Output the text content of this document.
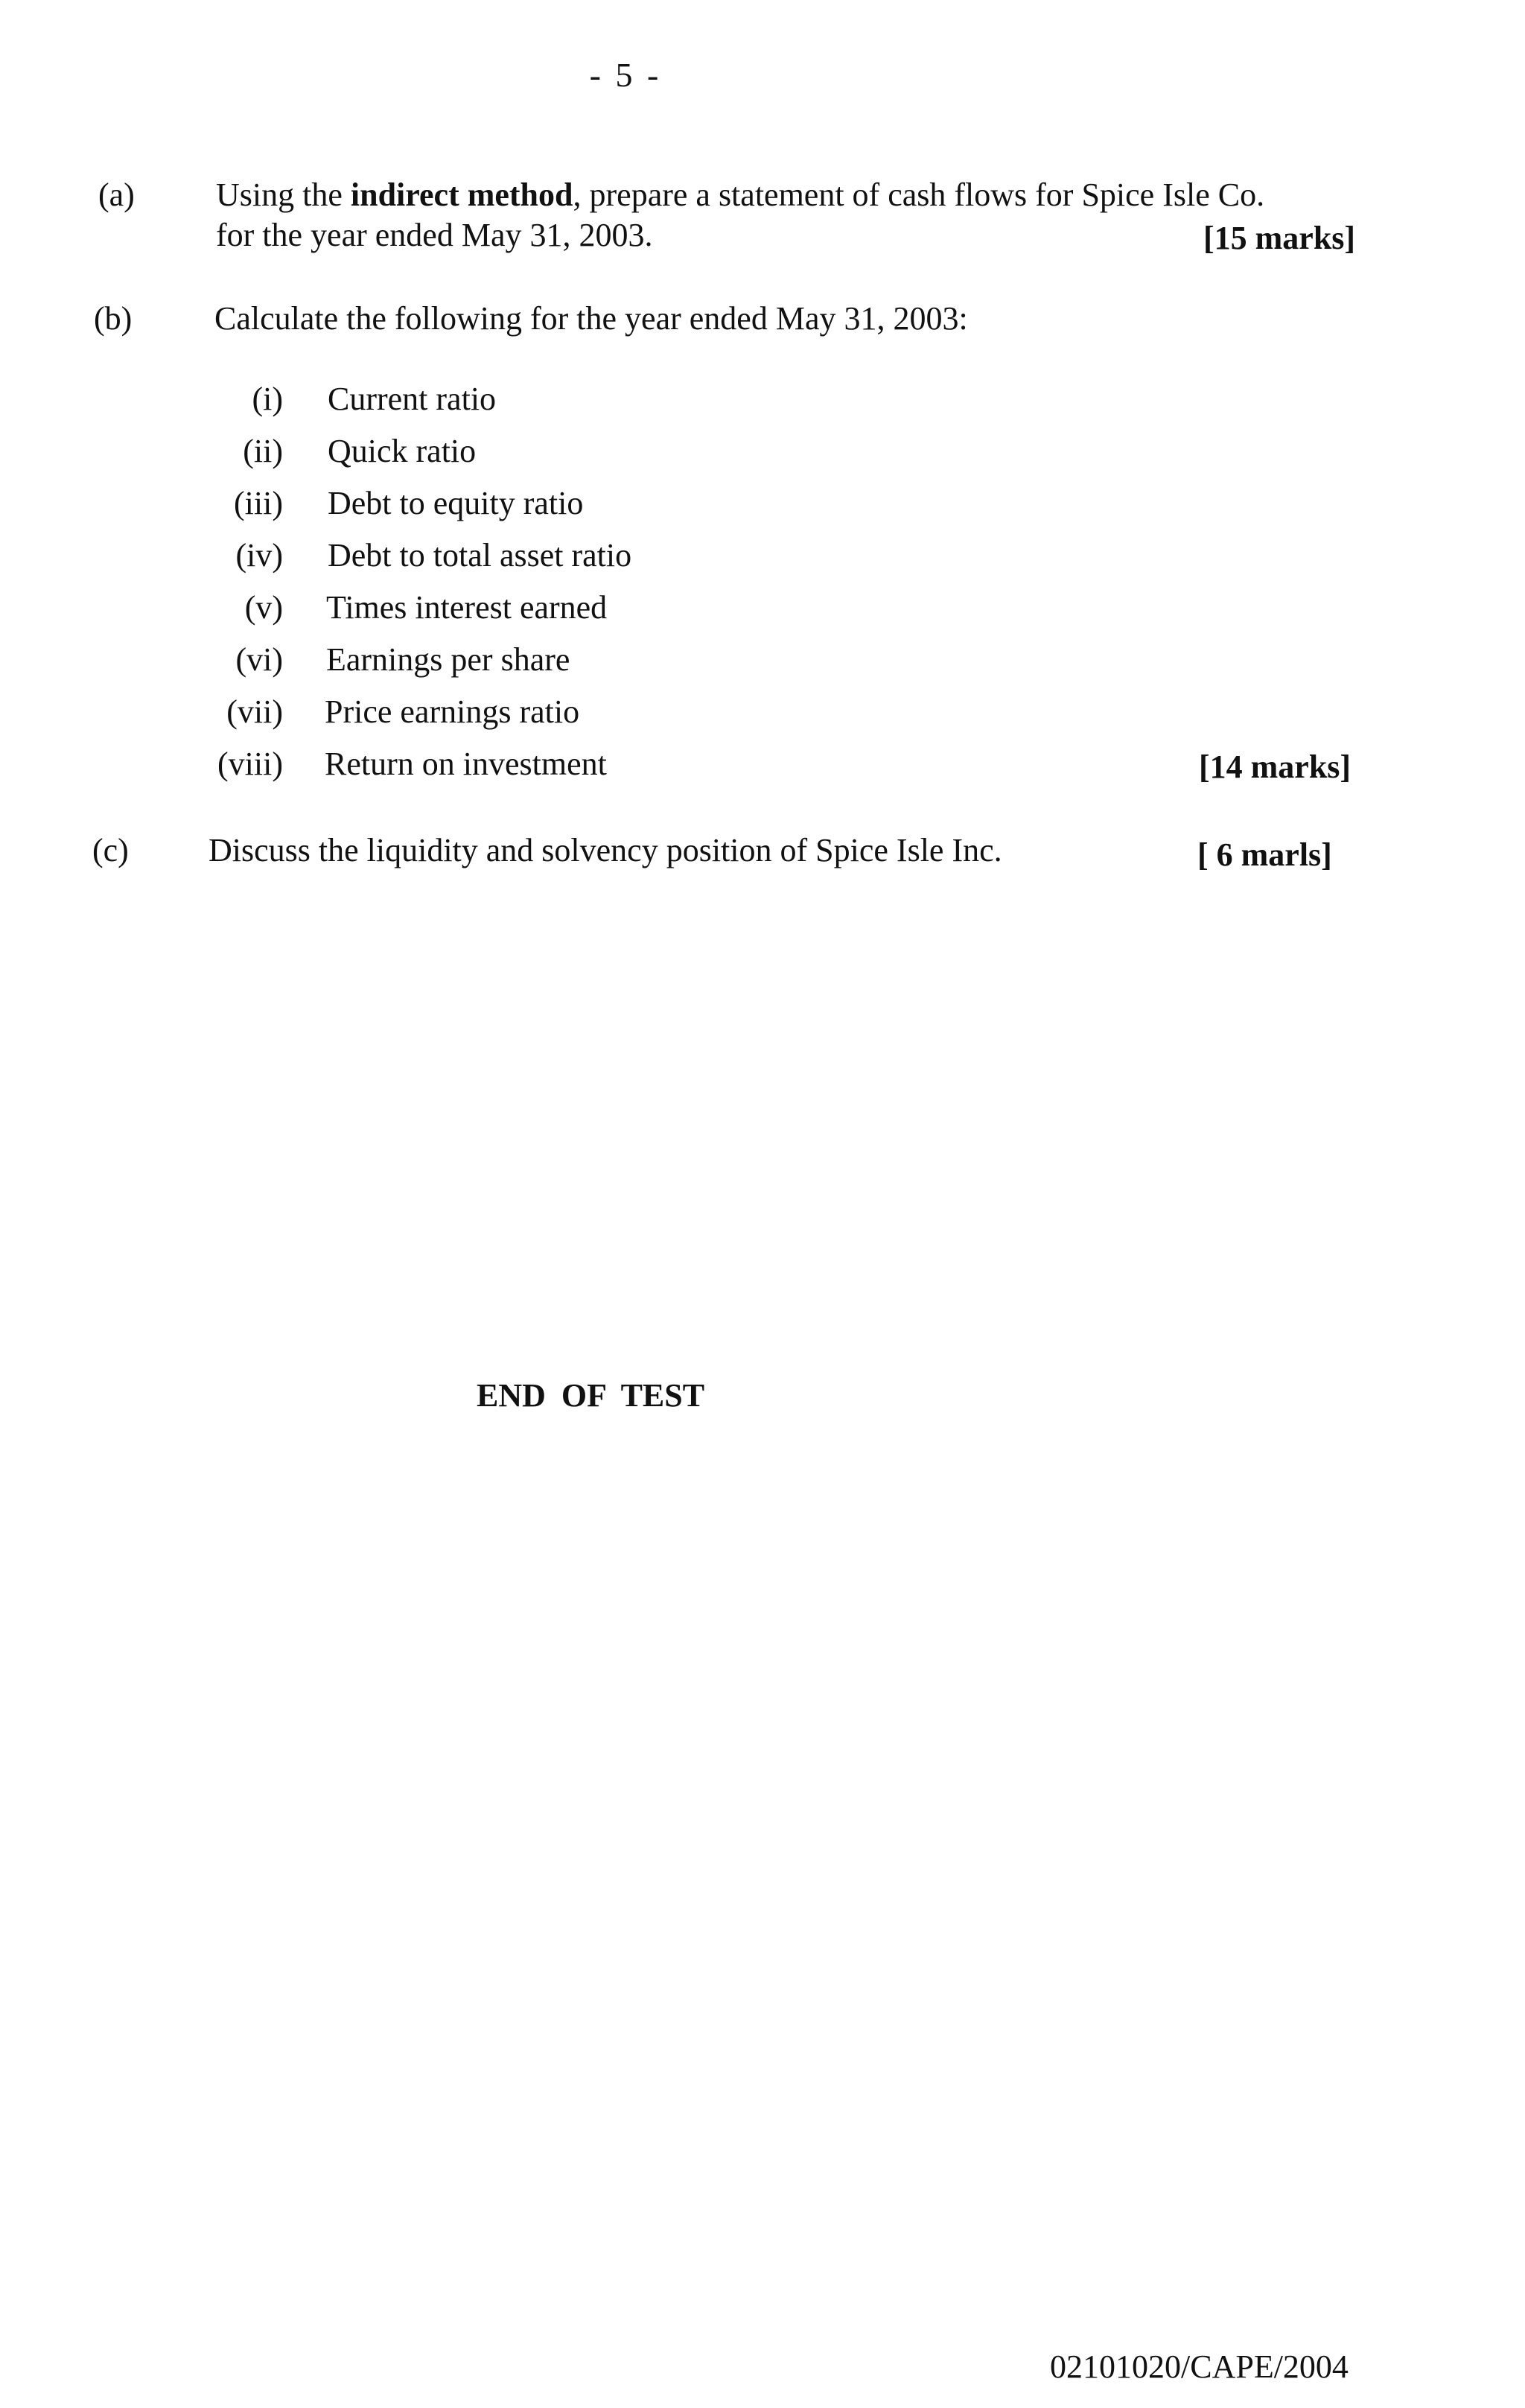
- 5 -
(a) Using the indirect method, prepare a statement of cash flows for Spice Isle Co.
for the year ended May 31, 2003.	[15 marks]
(b)	Calculate the following for the year ended May 31, 2003:
(i) Current ratio
(ii) Quick ratio
(iii) Debt to equity ratio
(iv) Debt to total asset ratio
(v) Times interest earned
(vi) Earnings per share
(vii) Price earnings ratio
(viii) Return on investment	[14 marks]
(c) Discuss the liquidity and solvency position of Spice Isle Inc.	[ 6 marls]
END OF TEST
02101020/CAPE/2004
